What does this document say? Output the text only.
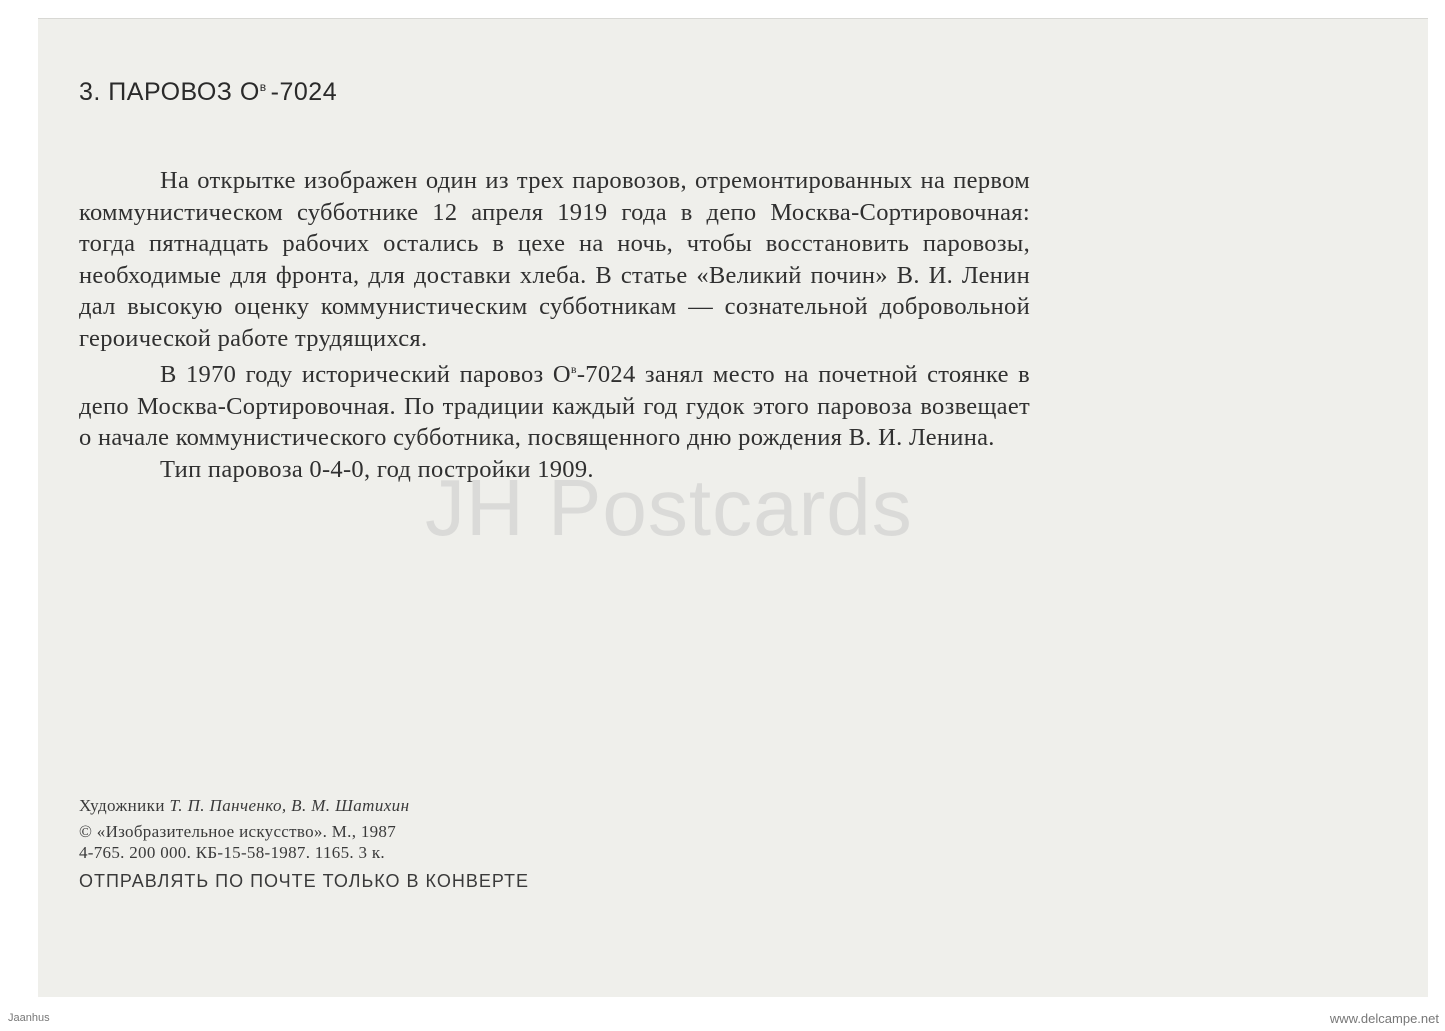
3. ПАРОВОЗ $О^в$ -7024

На открытке изображен один из трех паровозов, отремонтированных на первом коммунистическом субботнике 12 апреля 1919 года в депо Москва-Сортировочная: тогда пятнадцать рабочих остались в цехе на ночь, чтобы восстановить паровозы, необходимые для фронта, для доставки хлеба. В статье «Великий почин» В. И. Ленин дал высокую оценку коммунистическим субботникам — сознательной добровольной героической работе трудящихся.

В 1970 году исторический паровоз $О^в-7024$ занял место на почетной стоянке в депо Москва-Сортировочная. По традиции каждый год гудок этого паровоза возвещает о начале коммунистического субботника, посвященного дню рождения В. И. Ленина.

Тип паровоза 0-4-0, год постройки 1909.

Художники Т. П. Панченко, В. М. Шатихин
© «Изобразительное искусство». М., 1987
4-765. 200 000. КБ-15-58-1987. 1165. 3 к.
ОТПРАВЛЯТЬ ПО ПОЧТЕ ТОЛЬКО В КОНВЕРТЕ
JH Postcards
Jaanhus	www.delcampe.net
